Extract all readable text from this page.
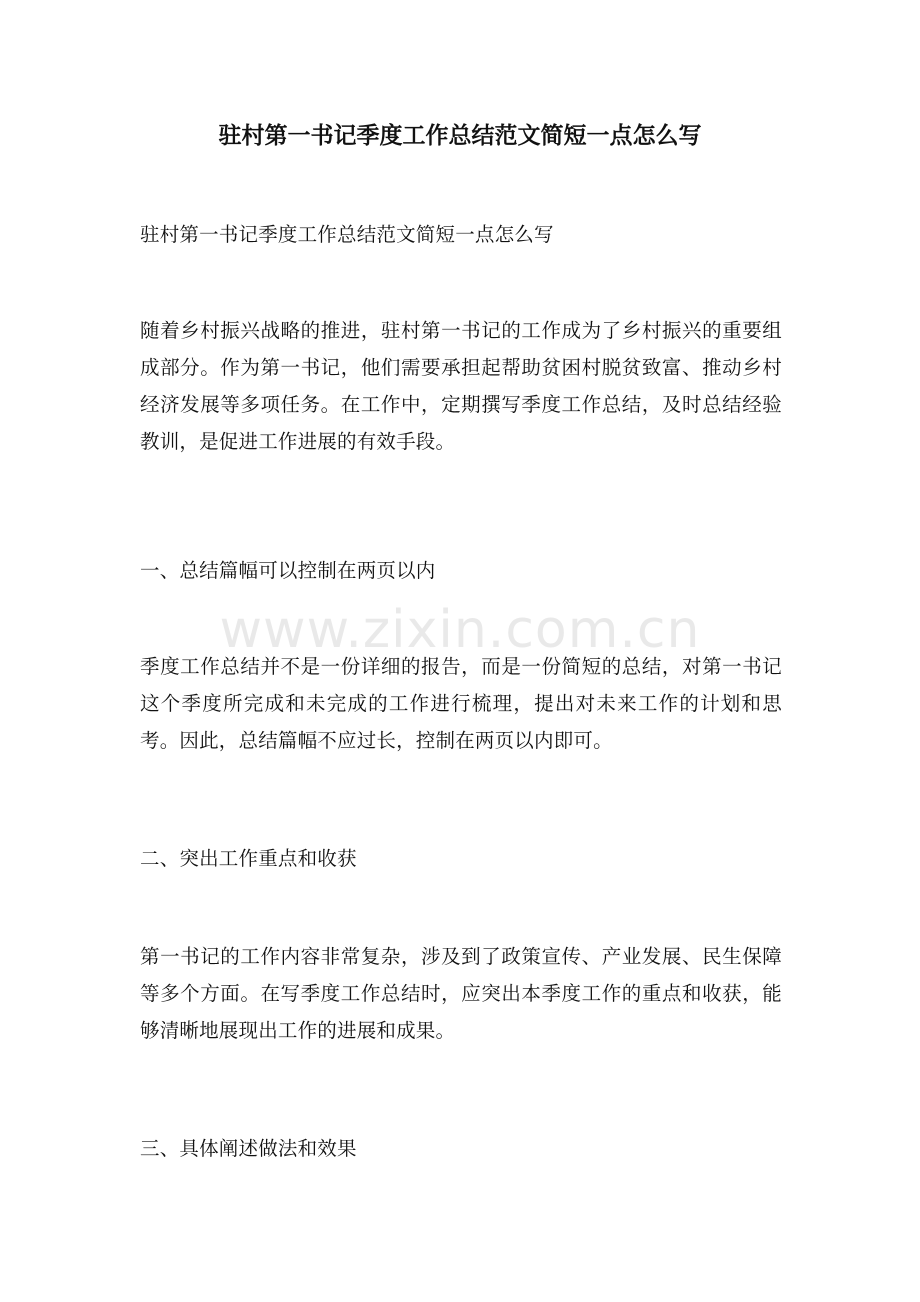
驻村第一书记季度工作总结范文简短一点怎么写

驻村第一书记季度工作总结范文简短一点怎么写

随着乡村振兴战略的推进，驻村第一书记的工作成为了乡村振兴的重要组成部分。作为第一书记，他们需要承担起帮助贫困村脱贫致富、推动乡村经济发展等多项任务。在工作中，定期撰写季度工作总结，及时总结经验教训，是促进工作进展的有效手段。

一、总结篇幅可以控制在两页以内

www.zixin.com.cn

季度工作总结并不是一份详细的报告，而是一份简短的总结，对第一书记这个季度所完成和未完成的工作进行梳理，提出对未来工作的计划和思考。因此，总结篇幅不应过长，控制在两页以内即可。

二、突出工作重点和收获

第一书记的工作内容非常复杂，涉及到了政策宣传、产业发展、民生保障等多个方面。在写季度工作总结时，应突出本季度工作的重点和收获，能够清晰地展现出工作的进展和成果。

三、具体阐述做法和效果
